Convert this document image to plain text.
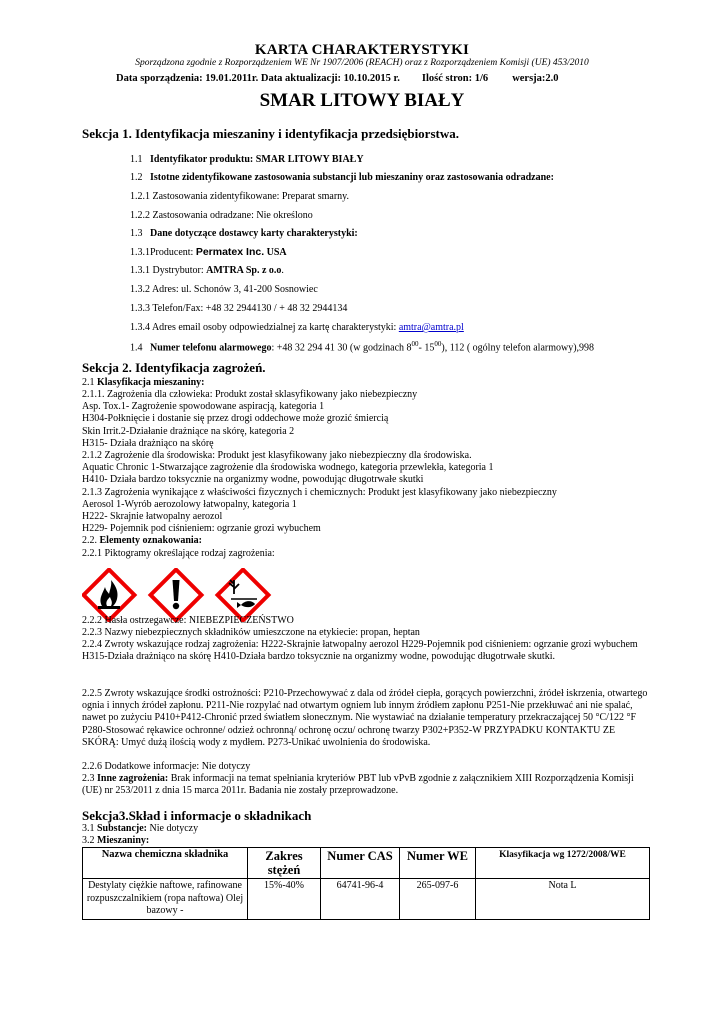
KARTA CHARAKTERYSTYKI
Sporządzona zgodnie z Rozporządzeniem WE Nr 1907/2006 (REACH) oraz z Rozporządzeniem Komisji (UE) 453/2010
Data sporządzenia: 19.01.2011r. Data aktualizacji: 10.10.2015 r. Ilość stron: 1/6 wersja:2.0
SMAR LITOWY BIAŁY
Sekcja 1. Identyfikacja mieszaniny i identyfikacja przedsiębiorstwa.
1.1 Identyfikator produktu: SMAR LITOWY BIAŁY
1.2 Istotne zidentyfikowane zastosowania substancji lub mieszaniny oraz zastosowania odradzane:
1.2.1 Zastosowania zidentyfikowane: Preparat smarny.
1.2.2 Zastosowania odradzane: Nie określono
1.3 Dane dotyczące dostawcy karty charakterystyki:
1.3.1Producent: Permatex Inc. USA
1.3.1 Dystrybutor: AMTRA Sp. z o.o.
1.3.2 Adres: ul. Schonów 3, 41-200 Sosnowiec
1.3.3 Telefon/Fax: +48 32 2944130 / + 48 32 2944134
1.3.4 Adres email osoby odpowiedzialnej za kartę charakterystyki: amtra@amtra.pl
1.4 Numer telefonu alarmowego: +48 32 294 41 30 (w godzinach $8^{00}-$ $15^{00}$), 112 ( ogólny telefon alarmowy),998
Sekcja 2. Identyfikacja zagrożeń.
2.1 Klasyfikacja mieszaniny:
2.1.1. Zagrożenia dla człowieka: Produkt został sklasyfikowany jako niebezpieczny
Asp. Tox.1- Zagrożenie spowodowane aspiracją, kategoria 1
H304-Połknięcie i dostanie się przez drogi oddechowe może grozić śmiercią
Skin Irrit.2-Działanie drażniące na skórę, kategoria 2
H315- Działa drażniąco na skórę
2.1.2 Zagrożenie dla środowiska: Produkt jest klasyfikowany jako niebezpieczny dla środowiska.
Aquatic Chronic 1-Stwarzające zagrożenie dla środowiska wodnego, kategoria przewlekła, kategoria 1
H410- Działa bardzo toksycznie na organizmy wodne, powodując długotrwałe skutki
2.1.3 Zagrożenia wynikające z właściwości fizycznych i chemicznych: Produkt jest klasyfikowany jako niebezpieczny
Aerosol 1-Wyrób aerozolowy łatwopalny, kategoria 1
H222- Skrajnie łatwopalny aerozol
H229- Pojemnik pod ciśnieniem: ogrzanie grozi wybuchem
2.2. Elementy oznakowania:
2.2.1 Piktogramy określające rodzaj zagrożenia:
2.2.2 Hasła ostrzegawcze: NIEBEZPIECZEŃSTWO
2.2.3 Nazwy niebezpiecznych składników umieszczone na etykiecie: propan, heptan
2.2.4 Zwroty wskazujące rodzaj zagrożenia: H222-Skrajnie łatwopalny aerozol H229-Pojemnik pod ciśnieniem: ogrzanie grozi wybuchem H315-Działa drażniąco na skórę H410-Działa bardzo toksycznie na organizmy wodne, powodując długotrwałe skutki.
2.2.5 Zwroty wskazujące środki ostrożności: P210-Przechowywać z dala od źródeł ciepła, gorących powierzchni, źródeł iskrzenia, otwartego ognia i innych źródeł zapłonu. P211-Nie rozpylać nad otwartym ogniem lub innym źródłem zapłonu P251-Nie przekłuwać ani nie spalać, nawet po zużyciu P410+P412-Chronić przed światłem słonecznym. Nie wystawiać na działanie temperatury przekraczającej 50 °C/122 °F P280-Stosować rękawice ochronne/ odzież ochronną/ ochronę oczu/ ochronę twarzy P302+P352-W PRZYPADKU KONTAKTU ZE SKÓRĄ: Umyć dużą ilością wody z mydłem. P273-Unikać uwolnienia do środowiska.
2.2.6 Dodatkowe informacje: Nie dotyczy
2.3 Inne zagrożenia: Brak informacji na temat spełniania kryteriów PBT lub vPvB zgodnie z załącznikiem XIII Rozporządzenia Komisji (UE) nr 253/2011 z dnia 15 marca 2011r. Badania nie zostały przeprowadzone.
Sekcja3.Skład i informacje o składnikach
3.1 Substancje: Nie dotyczy
3.2 Mieszaniny:
Nazwa chemiczna składnika	Zakres stężeń	Numer CAS	Numer WE	Klasyfikacja wg 1272/2008/WE
Destylaty ciężkie naftowe, rafinowane rozpuszczalnikiem (ropa naftowa) Olej bazowy -	15%-40%	64741-96-4	265-097-6	Nota L
